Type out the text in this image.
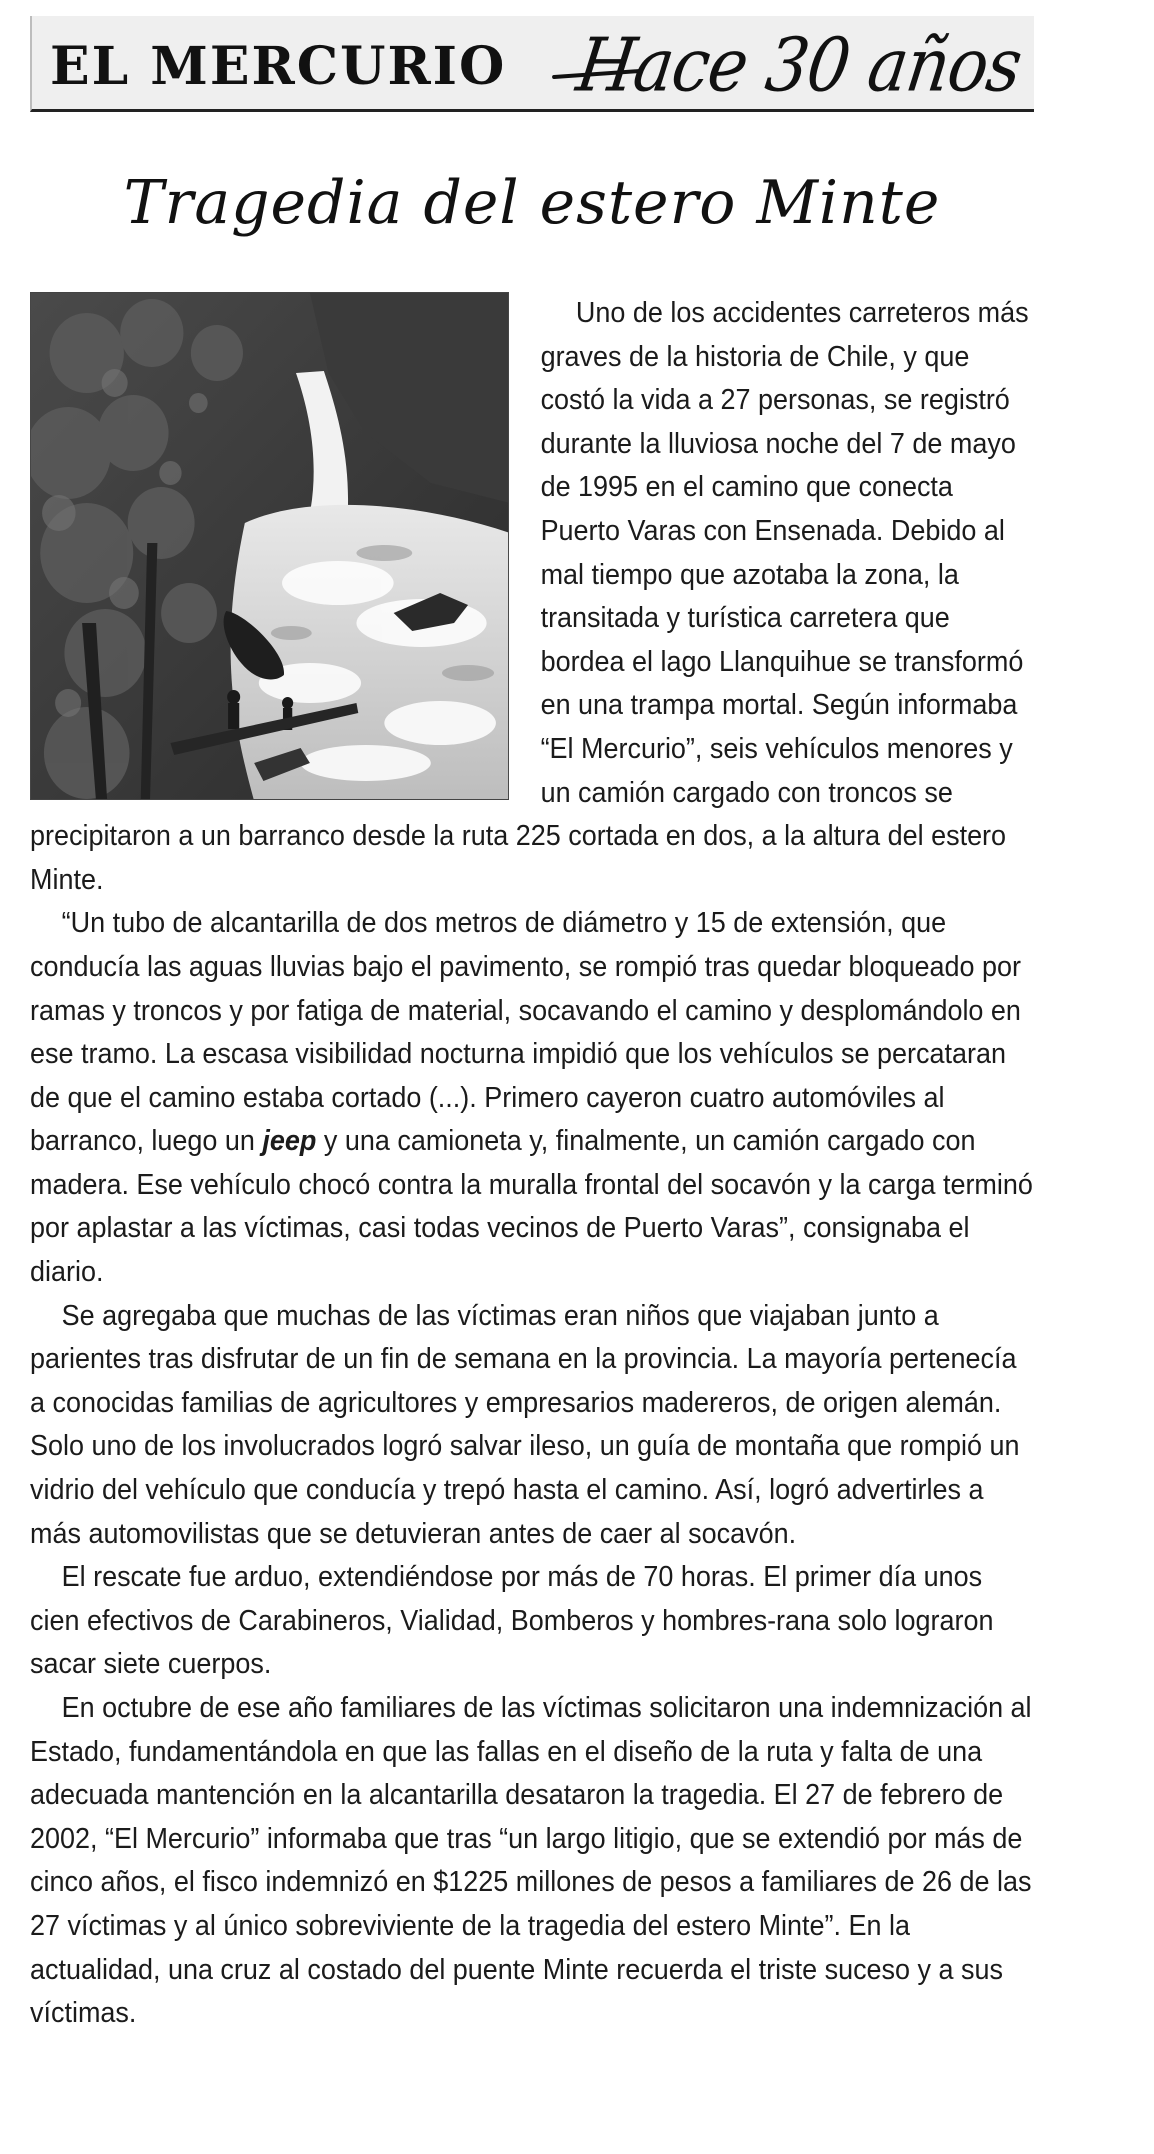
EL MERCURIO Hace 30 años
Tragedia del estero Minte

Uno de los accidentes carreteros más graves de la historia de Chile, y que costó la vida a 27 personas, se registró durante la lluviosa noche del 7 de mayo de 1995 en el camino que conecta Puerto Varas con Ensenada. Debido al mal tiempo que azotaba la zona, la transitada y turística carretera que bordea el lago Llanquihue se transformó en una trampa mortal. Según informaba “El Mercurio”, seis vehículos menores y un camión cargado con troncos se precipitaron a un barranco desde la ruta 225 cortada en dos, a la altura del estero Minte.

“Un tubo de alcantarilla de dos metros de diámetro y 15 de extensión, que conducía las aguas lluvias bajo el pavimento, se rompió tras quedar bloqueado por ramas y troncos y por fatiga de material, socavando el camino y desplomándolo en ese tramo. La escasa visibilidad nocturna impidió que los vehículos se percataran de que el camino estaba cortado (...). Primero cayeron cuatro automóviles al barranco, luego un jeep y una camioneta y, finalmente, un camión cargado con madera. Ese vehículo chocó contra la muralla frontal del socavón y la carga terminó por aplastar a las víctimas, casi todas vecinos de Puerto Varas”, consignaba el diario.

Se agregaba que muchas de las víctimas eran niños que viajaban junto a parientes tras disfrutar de un fin de semana en la provincia. La mayoría pertenecía a conocidas familias de agricultores y empresarios madereros, de origen alemán. Solo uno de los involucrados logró salvar ileso, un guía de montaña que rompió un vidrio del vehículo que conducía y trepó hasta el camino. Así, logró advertirles a más automovilistas que se detuvieran antes de caer al socavón.

El rescate fue arduo, extendiéndose por más de 70 horas. El primer día unos cien efectivos de Carabineros, Vialidad, Bomberos y hombres-rana solo lograron sacar siete cuerpos.

En octubre de ese año familiares de las víctimas solicitaron una indemnización al Estado, fundamentándola en que las fallas en el diseño de la ruta y falta de una adecuada mantención en la alcantarilla desataron la tragedia. El 27 de febrero de 2002, “El Mercurio” informaba que tras “un largo litigio, que se extendió por más de cinco años, el fisco indemnizó en $1225 millones de pesos a familiares de 26 de las 27 víctimas y al único sobreviviente de la tragedia del estero Minte”. En la actualidad, una cruz al costado del puente Minte recuerda el triste suceso y a sus víctimas.
